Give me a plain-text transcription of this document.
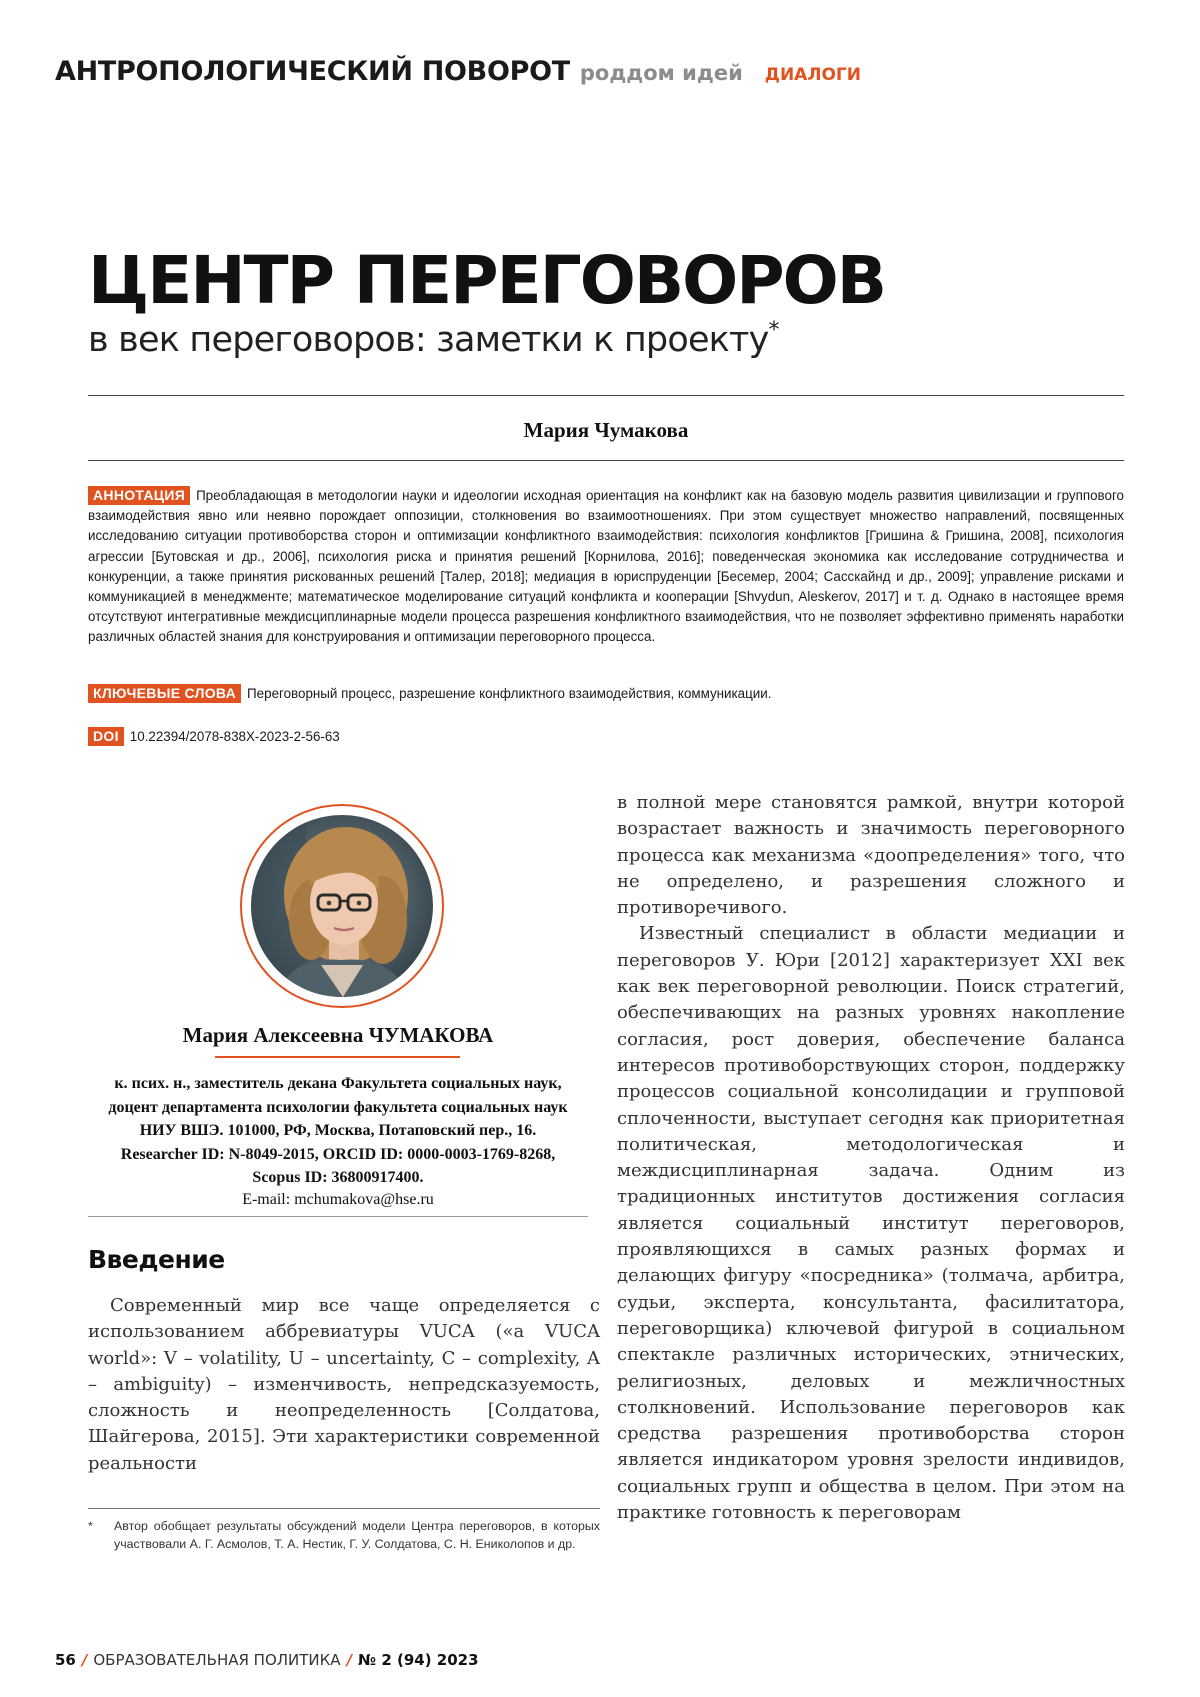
АНТРОПОЛОГИЧЕСКИЙ ПОВОРОТ роддом идей ДИАЛОГИ
ЦЕНТР ПЕРЕГОВОРОВ
в век переговоров: заметки к проекту*
Мария Чумакова
АННОТАЦИЯ Преобладающая в методологии науки и идеологии исходная ориентация на конфликт как на базовую модель развития цивилизации и группового взаимодействия явно или неявно порождает оппозиции, столкновения во взаимоотношениях. При этом существует множество направлений, посвященных исследованию ситуации противоборства сторон и оптимизации конфликтного взаимодействия: психология конфликтов [Гришина & Гришина, 2008], психология агрессии [Бутовская и др., 2006], психология риска и принятия решений [Корнилова, 2016]; поведенческая экономика как исследование сотрудничества и конкуренции, а также принятия рискованных решений [Талер, 2018]; медиация в юриспруденции [Бесемер, 2004; Сасскайнд и др., 2009]; управление рисками и коммуникацией в менеджменте; математическое моделирование ситуаций конфликта и кооперации [Shvydun, Aleskerov, 2017] и т. д. Однако в настоящее время отсутствуют интегративные междисциплинарные модели процесса разрешения конфликтного взаимодействия, что не позволяет эффективно применять наработки различных областей знания для конструирования и оптимизации переговорного процесса.
КЛЮЧЕВЫЕ СЛОВА Переговорный процесс, разрешение конфликтного взаимодействия, коммуникации.
DOI 10.22394/2078-838X-2023-2-56-63
Мария Алексеевна ЧУМАКОВА
к. псих. н., заместитель декана Факультета социальных наук, доцент департамента психологии факультета социальных наук НИУ ВШЭ. 101000, РФ, Москва, Потаповский пер., 16. Researcher ID: N-8049-2015, ORCID ID: 0000-0003-1769-8268, Scopus ID: 36800917400.
E-mail: mchumakova@hse.ru
Введение

Современный мир все чаще определяется с использованием аббревиатуры VUCA («a VUCA world»: V – volatility, U – uncertainty, C – complexity, A – ambiguity) – изменчивость, непредсказуемость, сложность и неопределенность [Солдатова, Шайгерова, 2015]. Эти характеристики современной реальности

в полной мере становятся рамкой, внутри которой возрастает важность и значимость переговорного процесса как механизма «доопределения» того, что не определено, и разрешения сложного и противоречивого.

Известный специалист в области медиации и переговоров У. Юри [2012] характеризует XXI век как век переговорной революции. Поиск стратегий, обеспечивающих на разных уровнях накопление согласия, рост доверия, обеспечение баланса интересов противоборствующих сторон, поддержку процессов социальной консолидации и групповой сплоченности, выступает сегодня как приоритетная политическая, методологическая и междисциплинарная задача. Одним из традиционных институтов достижения согласия является социальный институт переговоров, проявляющихся в самых разных формах и делающих фигуру «посредника» (толмача, арбитра, судьи, эксперта, консультанта, фасилитатора, переговорщика) ключевой фигурой в социальном спектакле различных исторических, этнических, религиозных, деловых и межличностных столкновений. Использование переговоров как средства разрешения противоборства сторон является индикатором уровня зрелости индивидов, социальных групп и общества в целом. При этом на практике готовность к переговорам

*	Автор обобщает результаты обсуждений модели Центра переговоров, в которых участвовали А. Г. Асмолов, Т. А. Нестик, Г. У. Солдатова, С. Н. Ениколопов и др.
56 / ОБРАЗОВАТЕЛЬНАЯ ПОЛИТИКА / № 2 (94) 2023
